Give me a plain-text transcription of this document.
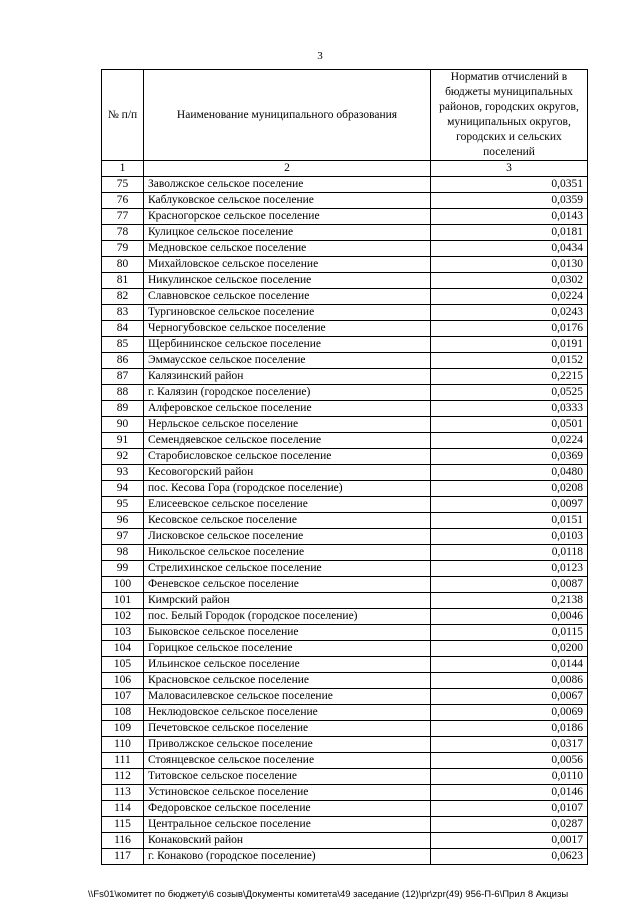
3
№ п/п	Наименование муниципального образования	Норматив отчислений в бюджеты муниципальных районов, городских округов, муниципальных округов, городских и сельских поселений
1	2	3
75	Заволжское сельское поселение	0,0351
76	Каблуковское сельское поселение	0,0359
77	Красногорское сельское поселение	0,0143
78	Кулицкое сельское поселение	0,0181
79	Медновское сельское поселение	0,0434
80	Михайловское сельское поселение	0,0130
81	Никулинское сельское поселение	0,0302
82	Славновское сельское поселение	0,0224
83	Тургиновское сельское поселение	0,0243
84	Черногубовское сельское поселение	0,0176
85	Щербининское сельское поселение	0,0191
86	Эммаусское сельское поселение	0,0152
87	Калязинский район	0,2215
88	г. Калязин (городское поселение)	0,0525
89	Алферовское сельское поселение	0,0333
90	Нерльское сельское поселение	0,0501
91	Семендяевское сельское поселение	0,0224
92	Старобисловское сельское поселение	0,0369
93	Кесовогорский район	0,0480
94	пос. Кесова Гора (городское поселение)	0,0208
95	Елисеевское сельское поселение	0,0097
96	Кесовское сельское поселение	0,0151
97	Лисковское сельское поселение	0,0103
98	Никольское сельское поселение	0,0118
99	Стрелихинское сельское поселение	0,0123
100	Феневское сельское поселение	0,0087
101	Кимрский район	0,2138
102	пос. Белый Городок (городское поселение)	0,0046
103	Быковское сельское поселение	0,0115
104	Горицкое сельское поселение	0,0200
105	Ильинское сельское поселение	0,0144
106	Красновское сельское поселение	0,0086
107	Маловасилевское сельское поселение	0,0067
108	Неклюдовское сельское поселение	0,0069
109	Печетовское сельское поселение	0,0186
110	Приволжское сельское поселение	0,0317
111	Стоянцевское сельское поселение	0,0056
112	Титовское сельское поселение	0,0110
113	Устиновское сельское поселение	0,0146
114	Федоровское сельское поселение	0,0107
115	Центральное сельское поселение	0,0287
116	Конаковский район	0,0017
117	г. Конаково (городское поселение)	0,0623
\\Fs01\комитет по бюджету\6 созыв\Документы комитета\49 заседание (12)\pr\zpr(49) 956-П-6\Прил 8 Акцизы
